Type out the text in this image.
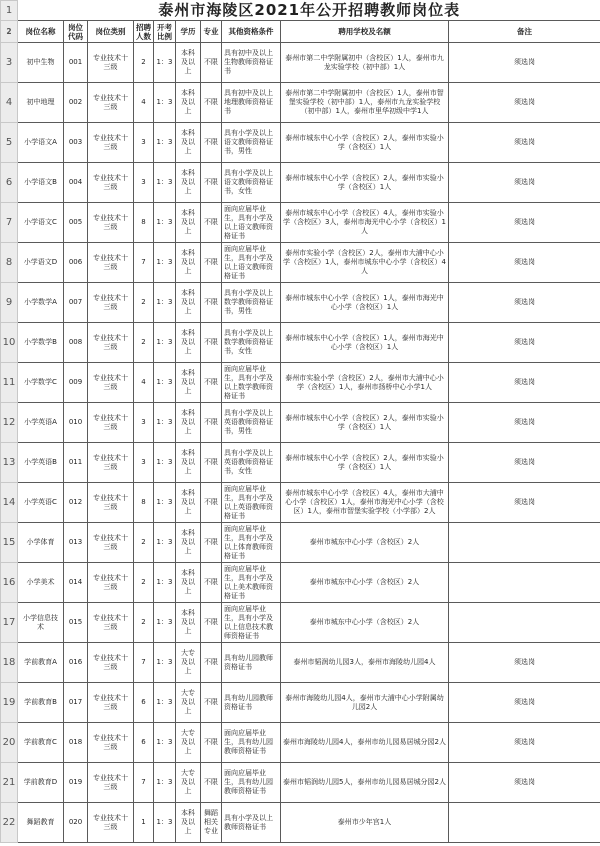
1	泰州市海陵区2021年公开招聘教师岗位表									
2	岗位名称	岗位代码	岗位类别	招聘人数	开考比例	学历	专业	其他资格条件	聘用学校及名额	备注
3	初中生物	001	专业技术十三级	2	1：3	本科及以上	不限	具有初中及以上生物教师资格证书	泰州市第二中学附属初中（含校区）1人，泰州市九龙实验学校（初中部）1人	须选岗
4	初中地理	002	专业技术十三级	4	1：3	本科及以上	不限	具有初中及以上地理教师资格证书	泰州市第二中学附属初中（含校区）1人，泰州市智堡实验学校（初中部）1人，泰州市九龙实验学校（初中部）1人，泰州市里华初级中学1人	须选岗
5	小学语文A	003	专业技术十三级	3	1：3	本科及以上	不限	具有小学及以上语文教师资格证书，男性	泰州市城东中心小学（含校区）2人，泰州市实验小学（含校区）1人	须选岗
6	小学语文B	004	专业技术十三级	3	1：3	本科及以上	不限	具有小学及以上语文教师资格证书，女性	泰州市城东中心小学（含校区）2人，泰州市实验小学（含校区）1人	须选岗
7	小学语文C	005	专业技术十三级	8	1：3	本科及以上	不限	面向应届毕业生，具有小学及以上语文教师资格证书	泰州市城东中心小学（含校区）4人，泰州市实验小学（含校区）3人，泰州市海光中心小学（含校区）1人	须选岗
8	小学语文D	006	专业技术十三级	7	1：3	本科及以上	不限	面向应届毕业生，具有小学及以上语文教师资格证书	泰州市实验小学（含校区）2人，泰州市大浦中心小学（含校区）1人，泰州市城东中心小学（含校区）4人	须选岗
9	小学数学A	007	专业技术十三级	2	1：3	本科及以上	不限	具有小学及以上数学教师资格证书，男性	泰州市城东中心小学（含校区）1人，泰州市海光中心小学（含校区）1人	须选岗
10	小学数学B	008	专业技术十三级	2	1：3	本科及以上	不限	具有小学及以上数学教师资格证书，女性	泰州市城东中心小学（含校区）1人，泰州市海光中心小学（含校区）1人	须选岗
11	小学数学C	009	专业技术十三级	4	1：3	本科及以上	不限	面向应届毕业生，具有小学及以上数学教师资格证书	泰州市实验小学（含校区）2人，泰州市大浦中心小学（含校区）1人，泰州市扬桥中心小学1人	须选岗
12	小学英语A	010	专业技术十三级	3	1：3	本科及以上	不限	具有小学及以上英语教师资格证书，男性	泰州市城东中心小学（含校区）2人，泰州市实验小学（含校区）1人	须选岗
13	小学英语B	011	专业技术十三级	3	1：3	本科及以上	不限	具有小学及以上英语教师资格证书，女性	泰州市城东中心小学（含校区）2人，泰州市实验小学（含校区）1人	须选岗
14	小学英语C	012	专业技术十三级	8	1：3	本科及以上	不限	面向应届毕业生，具有小学及以上英语教师资格证书	泰州市城东中心小学（含校区）4人，泰州市大浦中心小学（含校区）1人，泰州市海光中心小学（含校区）1人，泰州市智堡实验学校（小学部）2人	须选岗
15	小学体育	013	专业技术十三级	2	1：3	本科及以上	不限	面向应届毕业生，具有小学及以上体育教师资格证书	泰州市城东中心小学（含校区）2人	
16	小学美术	014	专业技术十三级	2	1：3	本科及以上	不限	面向应届毕业生，具有小学及以上美术教师资格证书	泰州市城东中心小学（含校区）2人	
17	小学信息技术	015	专业技术十三级	2	1：3	本科及以上	不限	面向应届毕业生，具有小学及以上信息技术教师资格证书	泰州市城东中心小学（含校区）2人	
18	学前教育A	016	专业技术十三级	7	1：3	大专及以上	不限	具有幼儿园教师资格证书	泰州市韬润幼儿园3人，泰州市海陵幼儿园4人	须选岗
19	学前教育B	017	专业技术十三级	6	1：3	大专及以上	不限	具有幼儿园教师资格证书	泰州市海陵幼儿园4人，泰州市大浦中心小学附属幼儿园2人	须选岗
20	学前教育C	018	专业技术十三级	6	1：3	大专及以上	不限	面向应届毕业生，具有幼儿园教师资格证书	泰州市海陵幼儿园4人，泰州市幼儿园易居城分园2人	须选岗
21	学前教育D	019	专业技术十三级	7	1：3	大专及以上	不限	面向应届毕业生，具有幼儿园教师资格证书	泰州市韬润幼儿园5人，泰州市幼儿园易居城分园2人	须选岗
22	舞蹈教育	020	专业技术十三级	1	1：3	本科及以上	舞蹈相关专业	具有小学及以上教师资格证书	泰州市少年宫1人	
